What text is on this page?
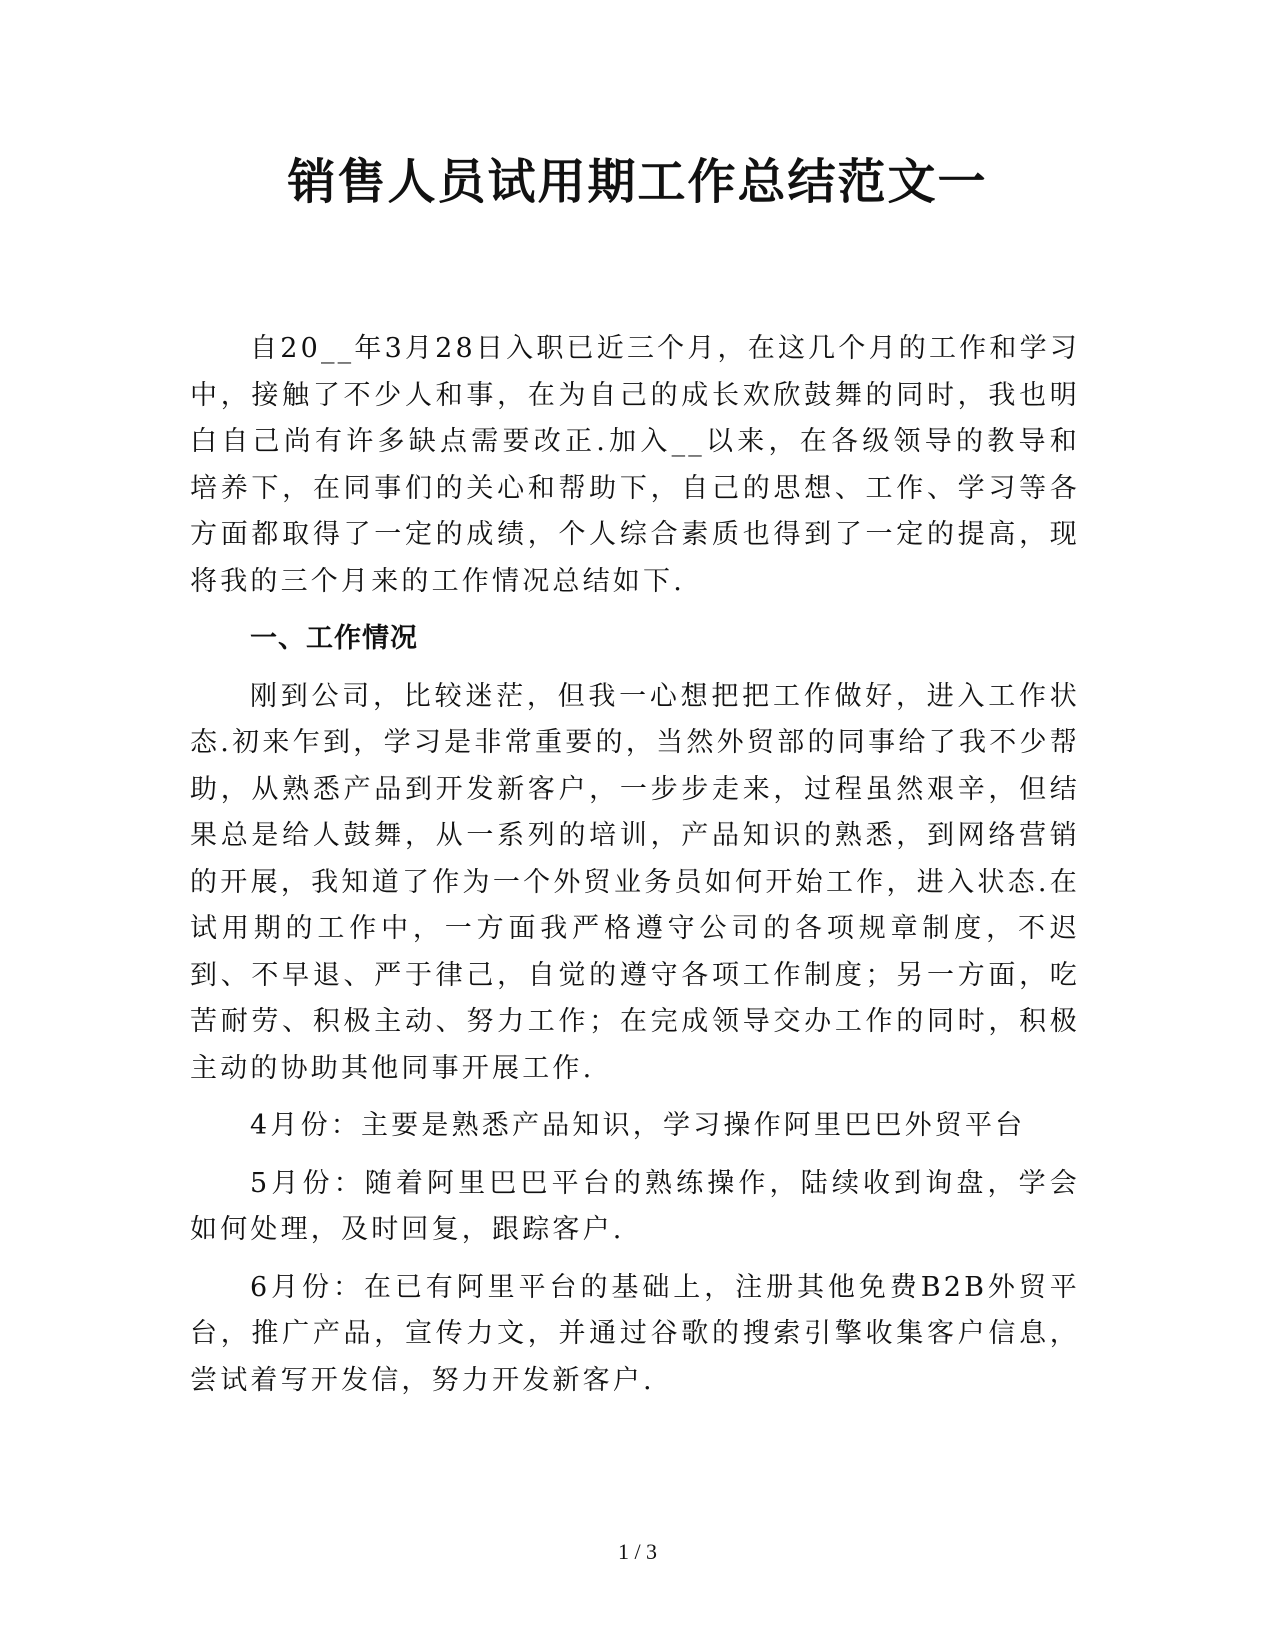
销售人员试用期工作总结范文一

自20__年3月28日入职已近三个月，在这几个月的工作和学习中，接触了不少人和事，在为自己的成长欢欣鼓舞的同时，我也明白自己尚有许多缺点需要改正.加入__以来，在各级领导的教导和培养下，在同事们的关心和帮助下，自己的思想、工作、学习等各方面都取得了一定的成绩，个人综合素质也得到了一定的提高，现将我的三个月来的工作情况总结如下.

一、工作情况

刚到公司，比较迷茫，但我一心想把把工作做好，进入工作状态.初来乍到，学习是非常重要的，当然外贸部的同事给了我不少帮助，从熟悉产品到开发新客户，一步步走来，过程虽然艰辛，但结果总是给人鼓舞，从一系列的培训，产品知识的熟悉，到网络营销的开展，我知道了作为一个外贸业务员如何开始工作，进入状态.在试用期的工作中，一方面我严格遵守公司的各项规章制度，不迟到、不早退、严于律己，自觉的遵守各项工作制度；另一方面，吃苦耐劳、积极主动、努力工作；在完成领导交办工作的同时，积极主动的协助其他同事开展工作.

4月份：主要是熟悉产品知识，学习操作阿里巴巴外贸平台

5月份：随着阿里巴巴平台的熟练操作，陆续收到询盘，学会如何处理，及时回复，跟踪客户.

6月份：在已有阿里平台的基础上，注册其他免费B2B外贸平台，推广产品，宣传力文，并通过谷歌的搜索引擎收集客户信息，尝试着写开发信，努力开发新客户.

1 / 3
